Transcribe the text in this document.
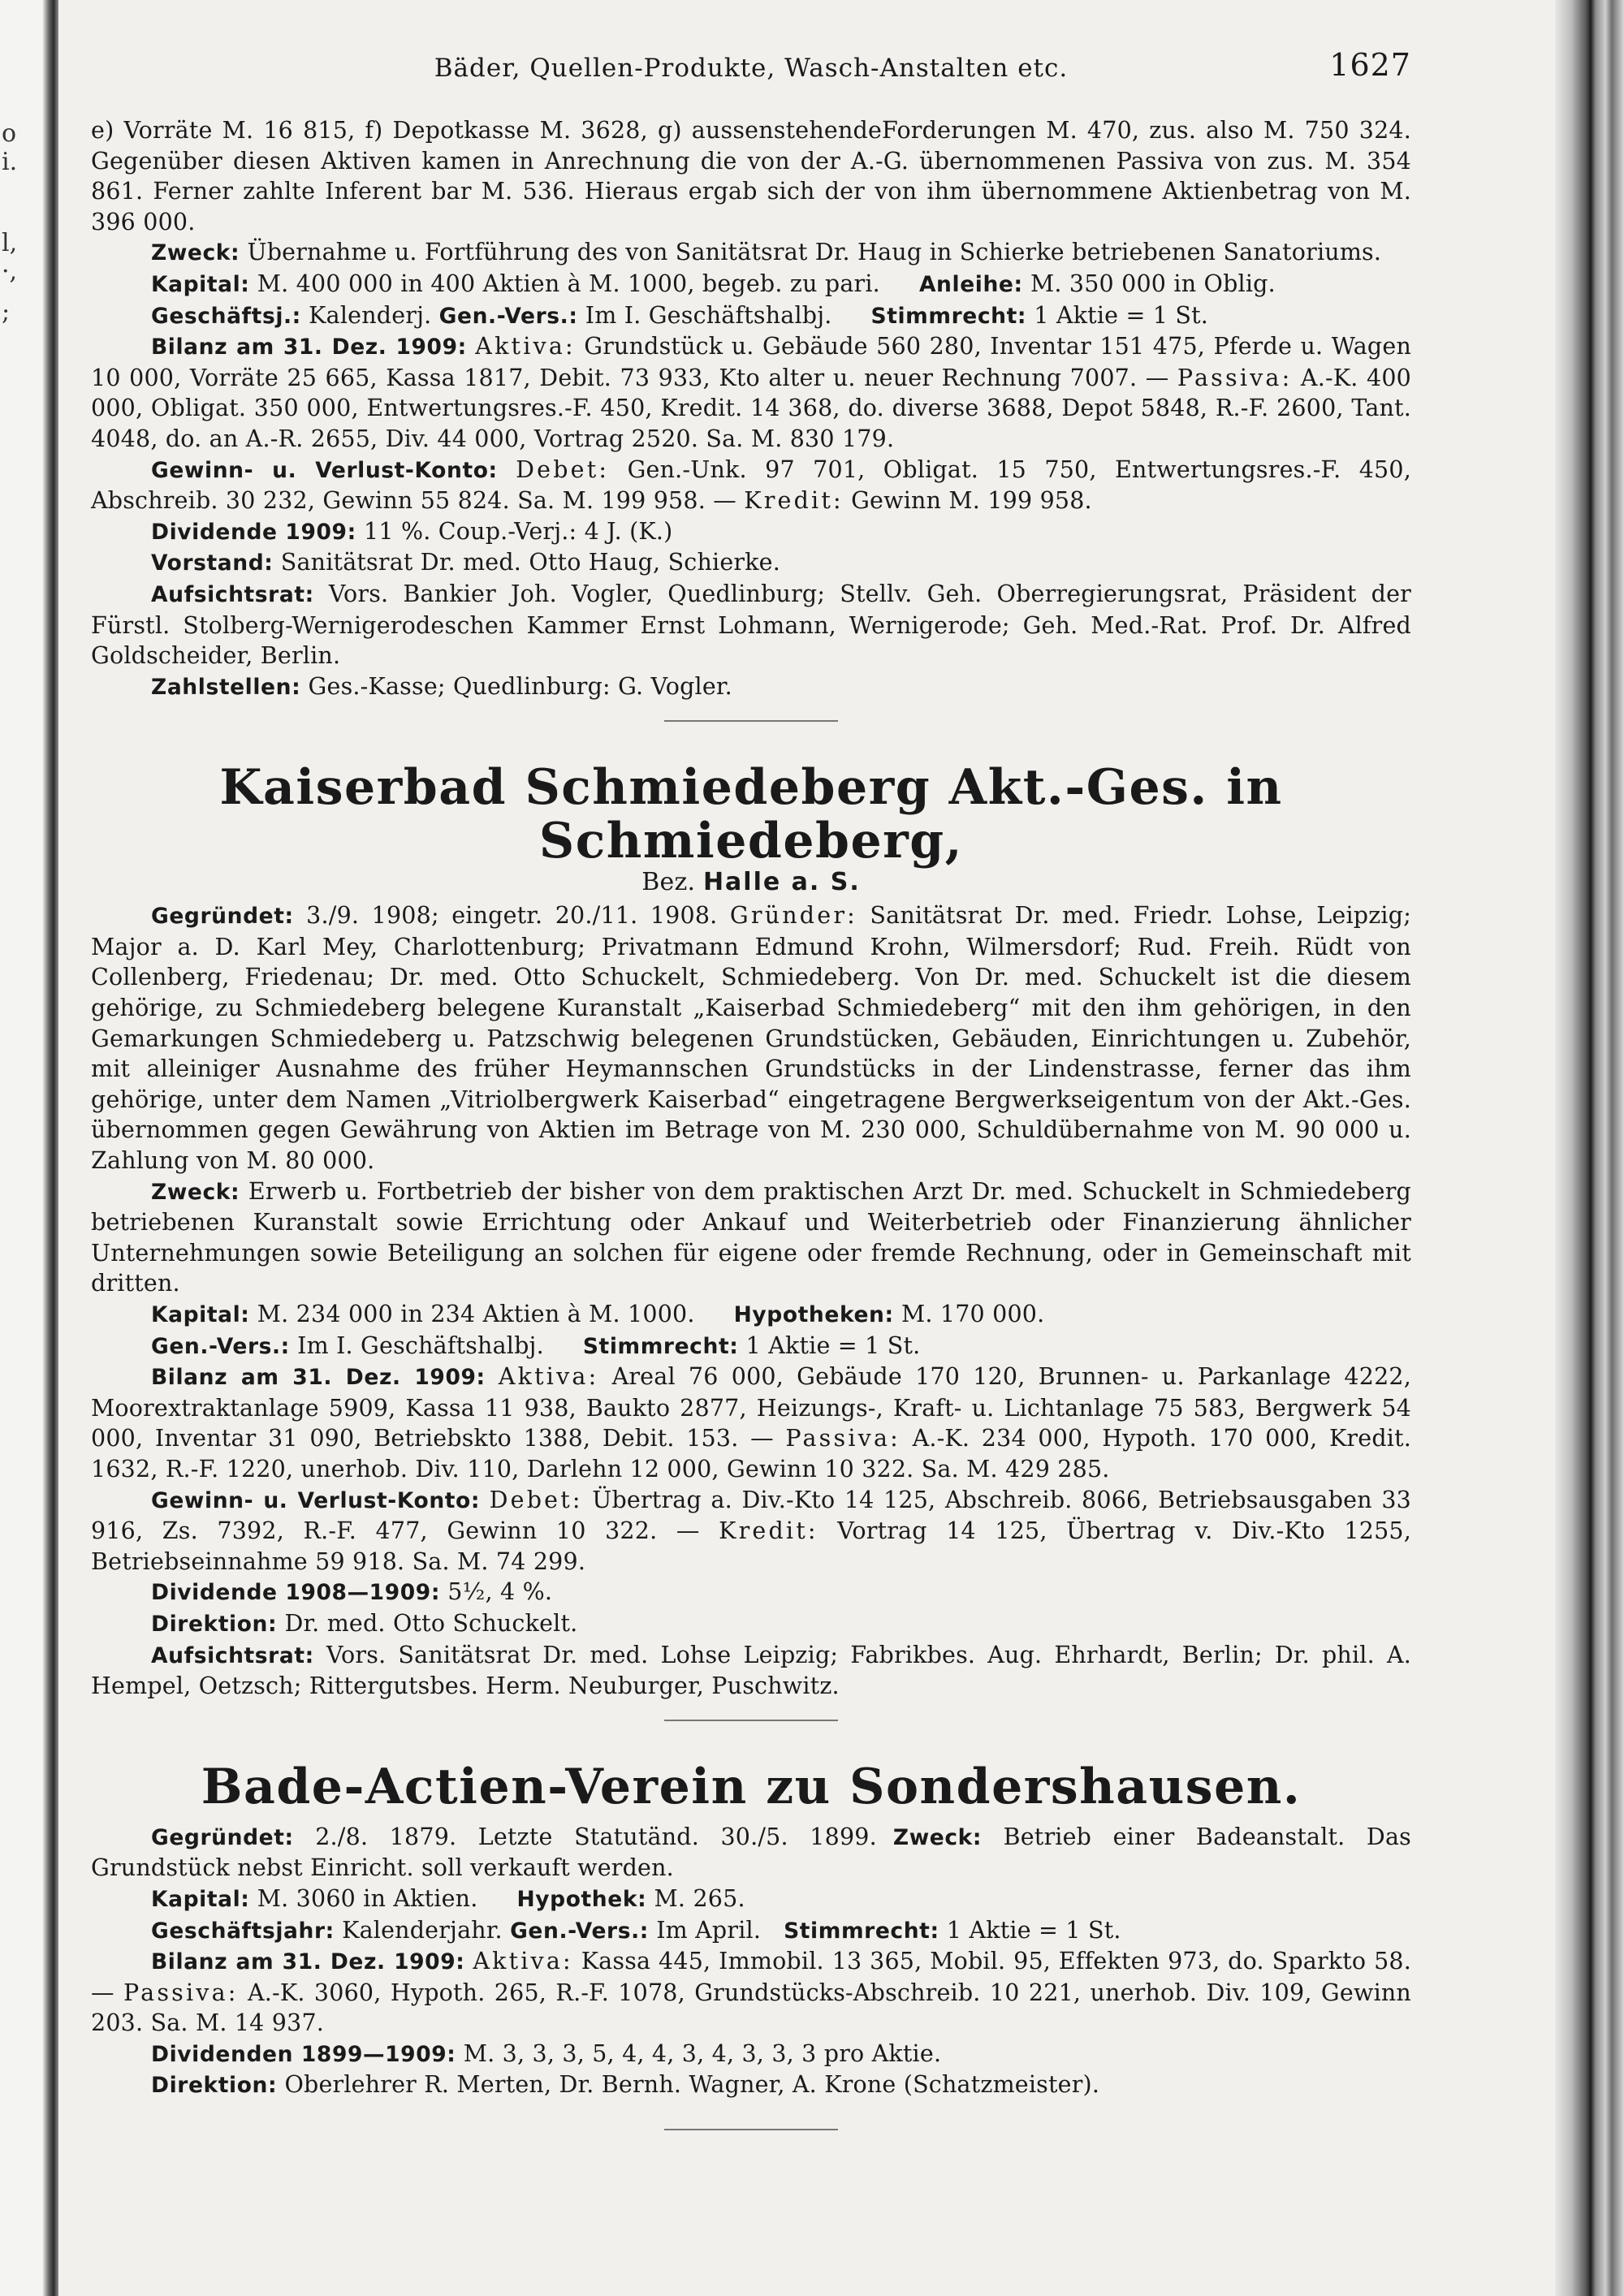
o
i.
l,
·,
;
Bäder, Quellen-Produkte, Wasch-Anstalten etc.	1627

e) Vorräte M. 16 815, f) Depotkasse M. 3628, g) aussenstehendeForderungen M. 470, zus. also M. 750 324. Gegenüber diesen Aktiven kamen in Anrechnung die von der A.-G. übernommenen Passiva von zus. M. 354 861. Ferner zahlte Inferent bar M. 536. Hieraus ergab sich der von ihm übernommene Aktienbetrag von M. 396 000.

Zweck: Übernahme u. Fortführung des von Sanitätsrat Dr. Haug in Schierke betriebenen Sanatoriums.

Kapital: M. 400 000 in 400 Aktien à M. 1000, begeb. zu pari. Anleihe: M. 350 000 in Oblig.

Geschäftsj.: Kalenderj. Gen.-Vers.: Im I. Geschäftshalbj. Stimmrecht: 1 Aktie = 1 St.

Bilanz am 31. Dez. 1909: Aktiva: Grundstück u. Gebäude 560 280, Inventar 151 475, Pferde u. Wagen 10 000, Vorräte 25 665, Kassa 1817, Debit. 73 933, Kto alter u. neuer Rechnung 7007. — Passiva: A.-K. 400 000, Obligat. 350 000, Entwertungsres.-F. 450, Kredit. 14 368, do. diverse 3688, Depot 5848, R.-F. 2600, Tant. 4048, do. an A.-R. 2655, Div. 44 000, Vortrag 2520. Sa. M. 830 179.

Gewinn- u. Verlust-Konto: Debet: Gen.-Unk. 97 701, Obligat. 15 750, Entwertungsres.-F. 450, Abschreib. 30 232, Gewinn 55 824. Sa. M. 199 958. — Kredit: Gewinn M. 199 958.

Dividende 1909: 11 %. Coup.-Verj.: 4 J. (K.)

Vorstand: Sanitätsrat Dr. med. Otto Haug, Schierke.

Aufsichtsrat: Vors. Bankier Joh. Vogler, Quedlinburg; Stellv. Geh. Oberregierungsrat, Präsident der Fürstl. Stolberg-Wernigerodeschen Kammer Ernst Lohmann, Wernigerode; Geh. Med.-Rat. Prof. Dr. Alfred Goldscheider, Berlin.

Zahlstellen: Ges.-Kasse; Quedlinburg: G. Vogler.

Kaiserbad Schmiedeberg Akt.-Ges. in Schmiedeberg,

Bez. Halle a. S.

Gegründet: 3./9. 1908; eingetr. 20./11. 1908. Gründer: Sanitätsrat Dr. med. Friedr. Lohse, Leipzig; Major a. D. Karl Mey, Charlottenburg; Privatmann Edmund Krohn, Wilmersdorf; Rud. Freih. Rüdt von Collenberg, Friedenau; Dr. med. Otto Schuckelt, Schmiedeberg. Von Dr. med. Schuckelt ist die diesem gehörige, zu Schmiedeberg belegene Kuranstalt „Kaiserbad Schmiedeberg“ mit den ihm gehörigen, in den Gemarkungen Schmiedeberg u. Patzschwig belegenen Grundstücken, Gebäuden, Einrichtungen u. Zubehör, mit alleiniger Ausnahme des früher Heymannschen Grundstücks in der Lindenstrasse, ferner das ihm gehörige, unter dem Namen „Vitriolbergwerk Kaiserbad“ eingetragene Bergwerkseigentum von der Akt.-Ges. übernommen gegen Gewährung von Aktien im Betrage von M. 230 000, Schuldübernahme von M. 90 000 u. Zahlung von M. 80 000.

Zweck: Erwerb u. Fortbetrieb der bisher von dem praktischen Arzt Dr. med. Schuckelt in Schmiedeberg betriebenen Kuranstalt sowie Errichtung oder Ankauf und Weiterbetrieb oder Finanzierung ähnlicher Unternehmungen sowie Beteiligung an solchen für eigene oder fremde Rechnung, oder in Gemeinschaft mit dritten.

Kapital: M. 234 000 in 234 Aktien à M. 1000. Hypotheken: M. 170 000.

Gen.-Vers.: Im I. Geschäftshalbj. Stimmrecht: 1 Aktie = 1 St.

Bilanz am 31. Dez. 1909: Aktiva: Areal 76 000, Gebäude 170 120, Brunnen- u. Parkanlage 4222, Moorextraktanlage 5909, Kassa 11 938, Baukto 2877, Heizungs-, Kraft- u. Lichtanlage 75 583, Bergwerk 54 000, Inventar 31 090, Betriebskto 1388, Debit. 153. — Passiva: A.-K. 234 000, Hypoth. 170 000, Kredit. 1632, R.-F. 1220, unerhob. Div. 110, Darlehn 12 000, Gewinn 10 322. Sa. M. 429 285.

Gewinn- u. Verlust-Konto: Debet: Übertrag a. Div.-Kto 14 125, Abschreib. 8066, Betriebsausgaben 33 916, Zs. 7392, R.-F. 477, Gewinn 10 322. — Kredit: Vortrag 14 125, Übertrag v. Div.-Kto 1255, Betriebseinnahme 59 918. Sa. M. 74 299.

Dividende 1908—1909: 5½, 4 %.

Direktion: Dr. med. Otto Schuckelt.

Aufsichtsrat: Vors. Sanitätsrat Dr. med. Lohse Leipzig; Fabrikbes. Aug. Ehrhardt, Berlin; Dr. phil. A. Hempel, Oetzsch; Rittergutsbes. Herm. Neuburger, Puschwitz.

Bade-Actien-Verein zu Sondershausen.

Gegründet: 2./8. 1879. Letzte Statutänd. 30./5. 1899. Zweck: Betrieb einer Badeanstalt. Das Grundstück nebst Einricht. soll verkauft werden.

Kapital: M. 3060 in Aktien. Hypothek: M. 265.

Geschäftsjahr: Kalenderjahr. Gen.-Vers.: Im April. Stimmrecht: 1 Aktie = 1 St.

Bilanz am 31. Dez. 1909: Aktiva: Kassa 445, Immobil. 13 365, Mobil. 95, Effekten 973, do. Sparkto 58. — Passiva: A.-K. 3060, Hypoth. 265, R.-F. 1078, Grundstücks-Abschreib. 10 221, unerhob. Div. 109, Gewinn 203. Sa. M. 14 937.

Dividenden 1899—1909: M. 3, 3, 3, 5, 4, 4, 3, 4, 3, 3, 3 pro Aktie.

Direktion: Oberlehrer R. Merten, Dr. Bernh. Wagner, A. Krone (Schatzmeister).
